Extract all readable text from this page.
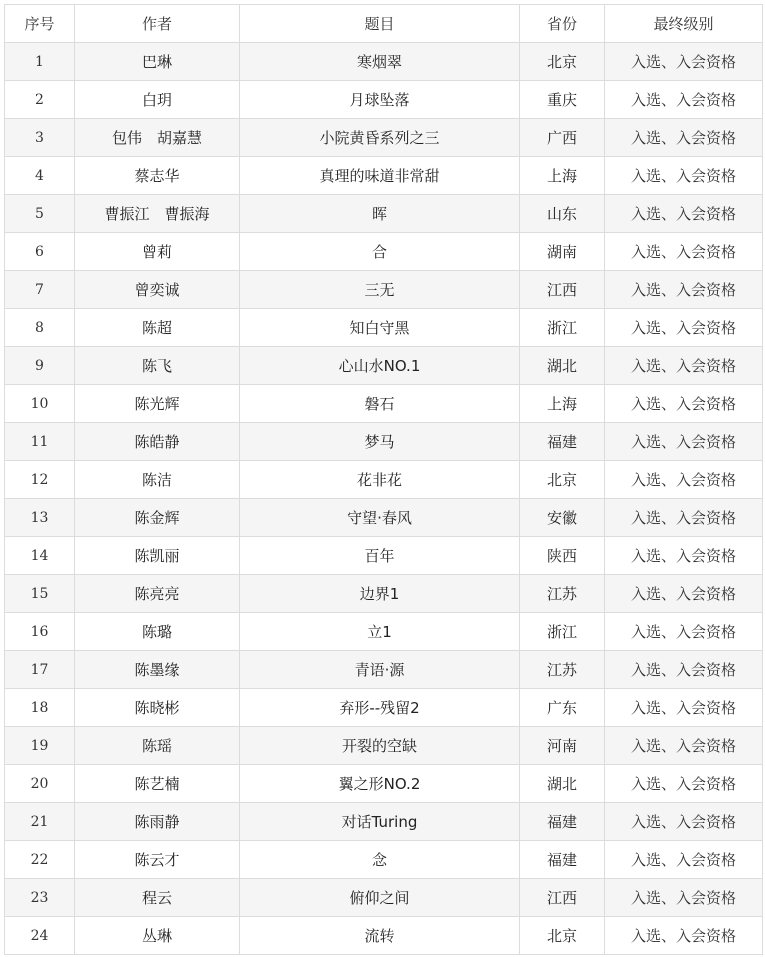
序号	作者	题目	省份	最终级别
1	巴琳	寒烟翠	北京	入选、入会资格
2	白玥	月球坠落	重庆	入选、入会资格
3	包伟　胡嘉慧	小院黄昏系列之三	广西	入选、入会资格
4	蔡志华	真理的味道非常甜	上海	入选、入会资格
5	曹振江　曹振海	晖	山东	入选、入会资格
6	曾莉	合	湖南	入选、入会资格
7	曾奕诚	三无	江西	入选、入会资格
8	陈超	知白守黑	浙江	入选、入会资格
9	陈飞	心山水NO.1	湖北	入选、入会资格
10	陈光辉	磐石	上海	入选、入会资格
11	陈皓静	梦马	福建	入选、入会资格
12	陈洁	花非花	北京	入选、入会资格
13	陈金辉	守望·春风	安徽	入选、入会资格
14	陈凯丽	百年	陕西	入选、入会资格
15	陈亮亮	边界1	江苏	入选、入会资格
16	陈璐	立1	浙江	入选、入会资格
17	陈墨缘	青语·源	江苏	入选、入会资格
18	陈晓彬	弃形--残留2	广东	入选、入会资格
19	陈瑶	开裂的空缺	河南	入选、入会资格
20	陈艺楠	翼之形NO.2	湖北	入选、入会资格
21	陈雨静	对话Turing	福建	入选、入会资格
22	陈云才	念	福建	入选、入会资格
23	程云	俯仰之间	江西	入选、入会资格
24	丛琳	流转	北京	入选、入会资格
